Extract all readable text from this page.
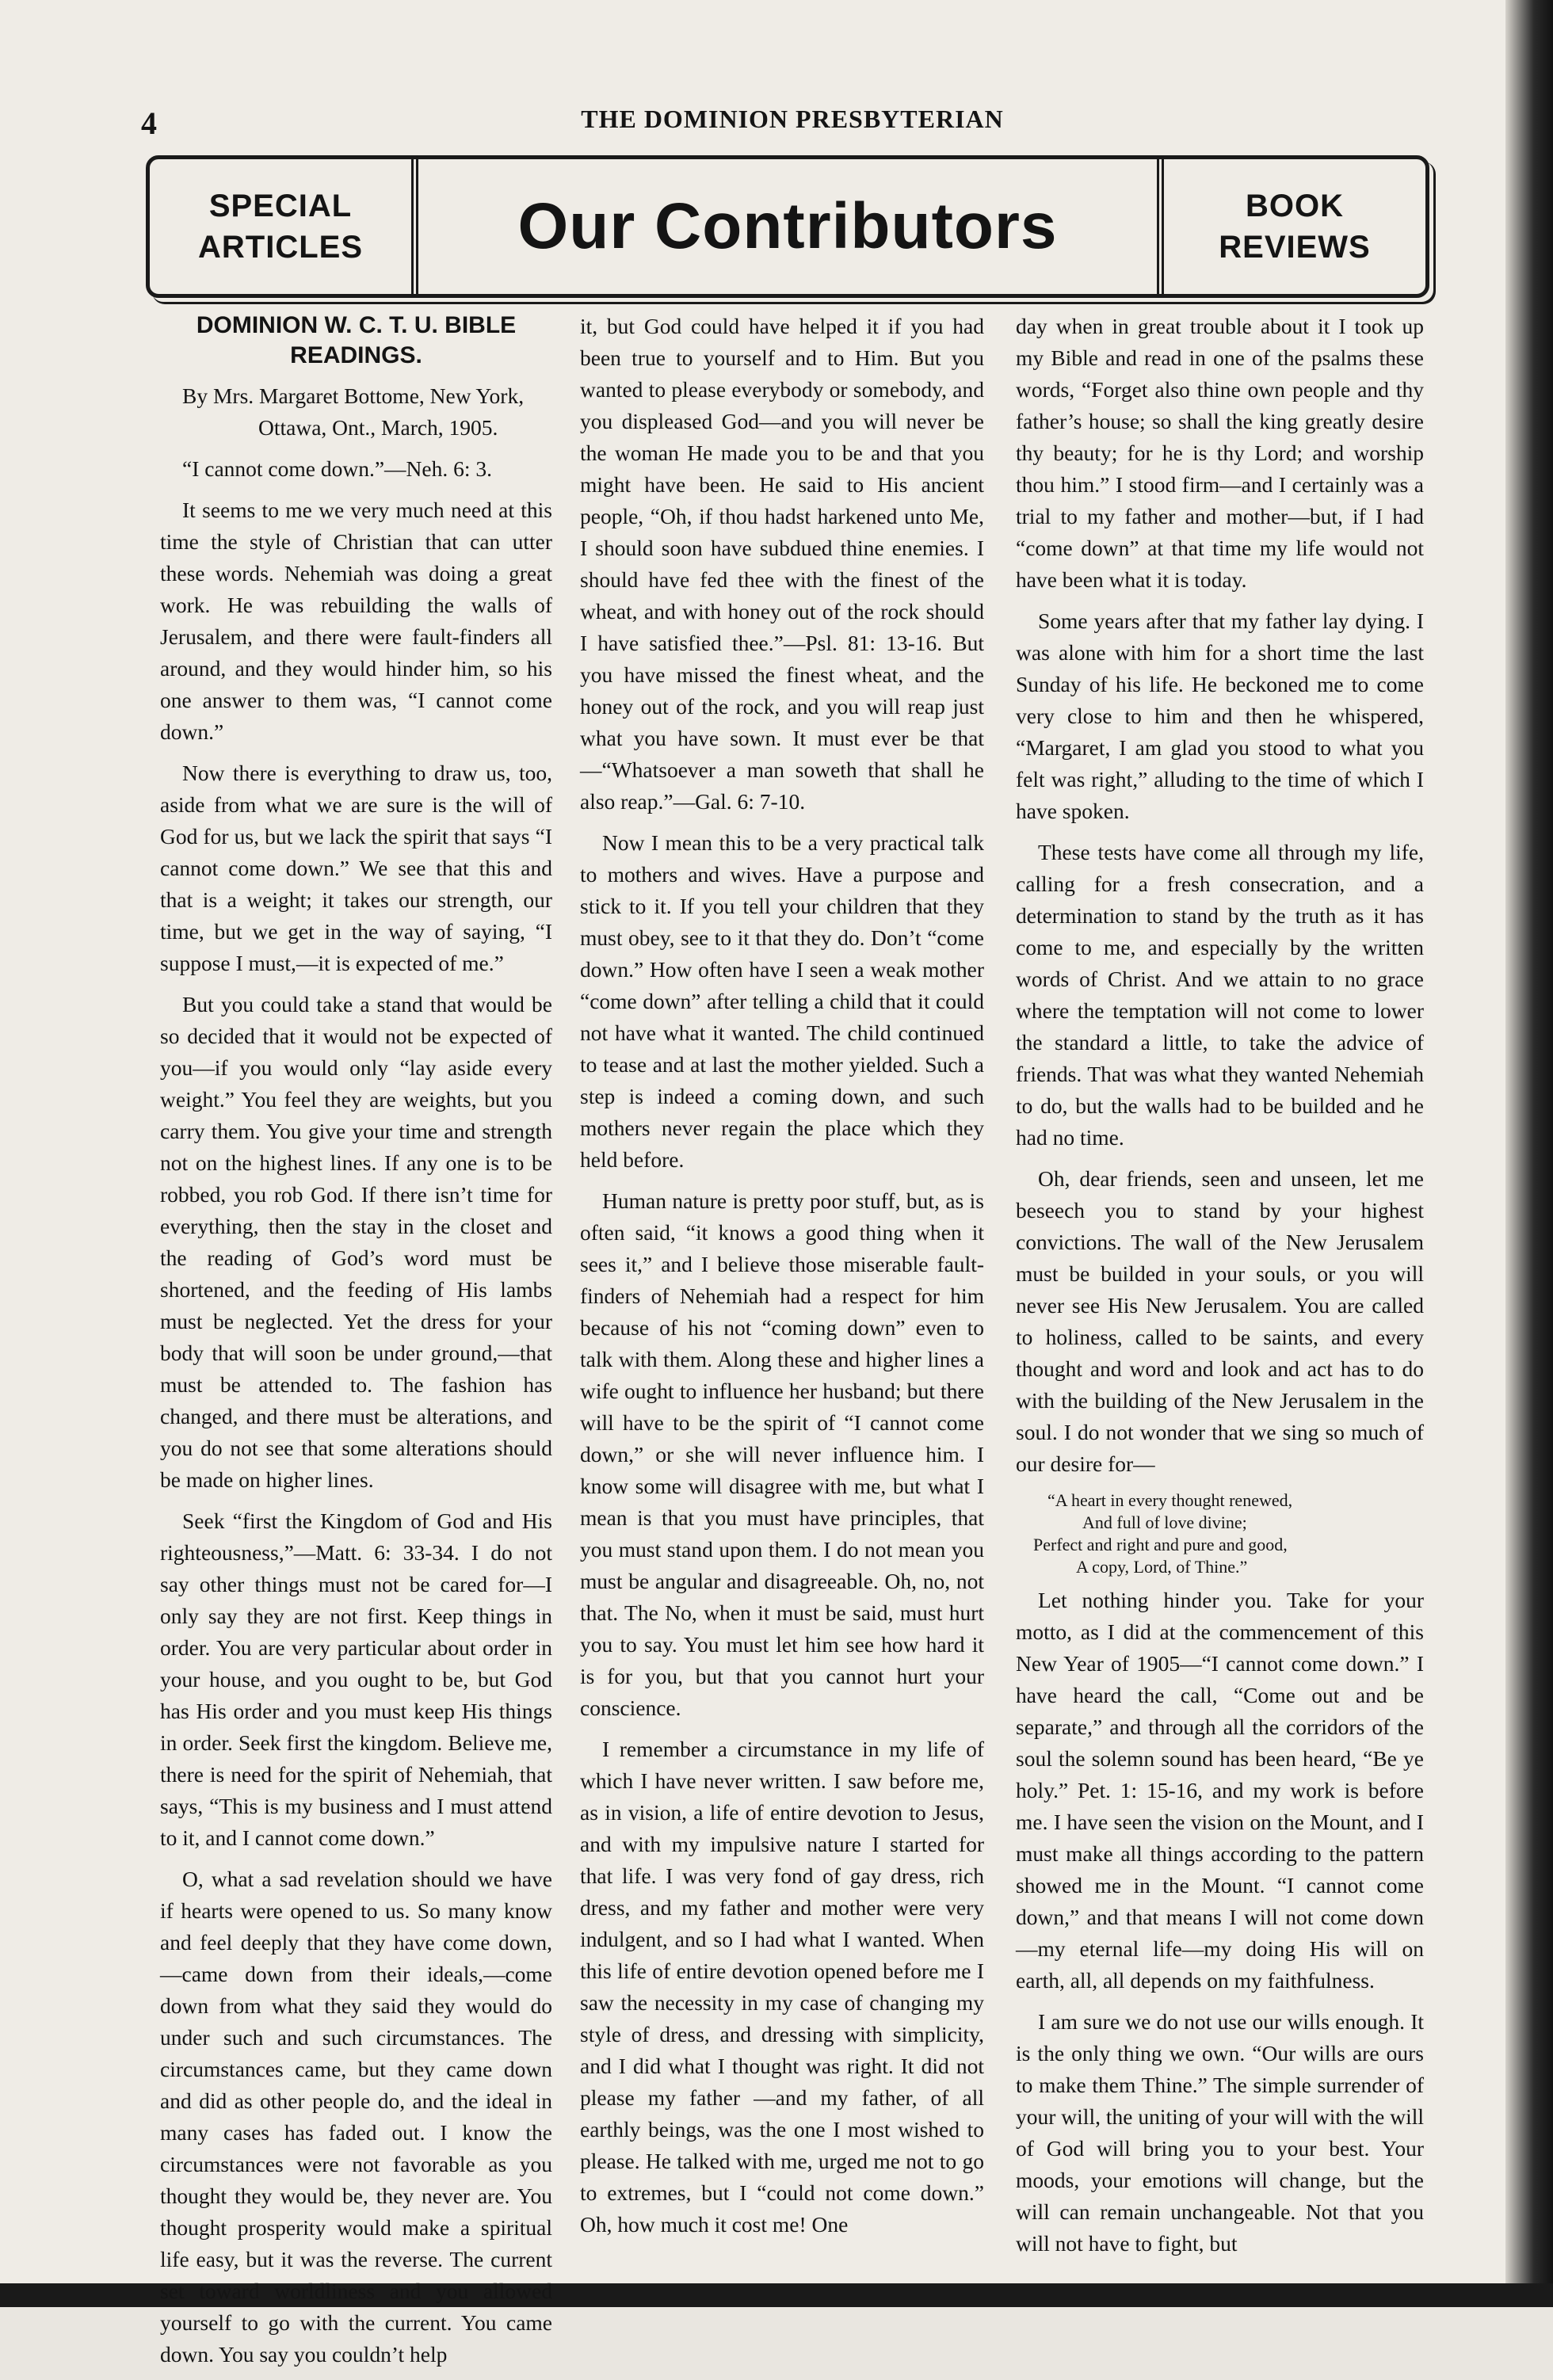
4	THE DOMINION PRESBYTERIAN
SPECIAL
ARTICLES	Our Contributors	BOOK
REVIEWS
DOMINION W. C. T. U. BIBLE READINGS.
By Mrs. Margaret Bottome, New York,
Ottawa, Ont., March, 1905.

“I cannot come down.”—Neh. 6: 3.

It seems to me we very much need at this time the style of Christian that can utter these words. Nehemiah was doing a great work. He was rebuilding the walls of Jerusalem, and there were fault-finders all around, and they would hinder him, so his one answer to them was, “I cannot come down.”

Now there is everything to draw us, too, aside from what we are sure is the will of God for us, but we lack the spirit that says “I cannot come down.” We see that this and that is a weight; it takes our strength, our time, but we get in the way of saying, “I suppose I must,—it is expected of me.”

But you could take a stand that would be so decided that it would not be expected of you—if you would only “lay aside every weight.” You feel they are weights, but you carry them. You give your time and strength not on the highest lines. If any one is to be robbed, you rob God. If there isn’t time for everything, then the stay in the closet and the reading of God’s word must be shortened, and the feeding of His lambs must be neglected. Yet the dress for your body that will soon be under ground,—that must be attended to. The fashion has changed, and there must be alterations, and you do not see that some alterations should be made on higher lines.

Seek “first the Kingdom of God and His righteousness,”—Matt. 6: 33-34. I do not say other things must not be cared for—I only say they are not first. Keep things in order. You are very particular about order in your house, and you ought to be, but God has His order and you must keep His things in order. Seek first the kingdom. Believe me, there is need for the spirit of Nehemiah, that says, “This is my business and I must attend to it, and I cannot come down.”

O, what a sad revelation should we have if hearts were opened to us. So many know and feel deeply that they have come down,—came down from their ideals,—come down from what they said they would do under such and such circumstances. The circumstances came, but they came down and did as other people do, and the ideal in many cases has faded out. I know the circumstances were not favorable as you thought they would be, they never are. You thought prosperity would make a spiritual life easy, but it was the reverse. The current set toward worldliness and you allowed yourself to go with the current. You came down. You say you couldn’t help

it, but God could have helped it if you had been true to yourself and to Him. But you wanted to please everybody or somebody, and you displeased God—and you will never be the woman He made you to be and that you might have been. He said to His ancient people, “Oh, if thou hadst harkened unto Me, I should soon have subdued thine enemies. I should have fed thee with the finest of the wheat, and with honey out of the rock should I have satisfied thee.”—Psl. 81: 13-16. But you have missed the finest wheat, and the honey out of the rock, and you will reap just what you have sown. It must ever be that—“Whatsoever a man soweth that shall he also reap.”—Gal. 6: 7-10.

Now I mean this to be a very practical talk to mothers and wives. Have a purpose and stick to it. If you tell your children that they must obey, see to it that they do. Don’t “come down.” How often have I seen a weak mother “come down” after telling a child that it could not have what it wanted. The child continued to tease and at last the mother yielded. Such a step is indeed a coming down, and such mothers never regain the place which they held before.

Human nature is pretty poor stuff, but, as is often said, “it knows a good thing when it sees it,” and I believe those miserable fault-finders of Nehemiah had a respect for him because of his not “coming down” even to talk with them. Along these and higher lines a wife ought to influence her husband; but there will have to be the spirit of “I cannot come down,” or she will never influence him. I know some will disagree with me, but what I mean is that you must have principles, that you must stand upon them. I do not mean you must be angular and disagreeable. Oh, no, not that. The No, when it must be said, must hurt you to say. You must let him see how hard it is for you, but that you cannot hurt your conscience.

I remember a circumstance in my life of which I have never written. I saw before me, as in vision, a life of entire devotion to Jesus, and with my impulsive nature I started for that life. I was very fond of gay dress, rich dress, and my father and mother were very indulgent, and so I had what I wanted. When this life of entire devotion opened before me I saw the necessity in my case of changing my style of dress, and dressing with simplicity, and I did what I thought was right. It did not please my father —and my father, of all earthly beings, was the one I most wished to please. He talked with me, urged me not to go to extremes, but I “could not come down.” Oh, how much it cost me! One

day when in great trouble about it I took up my Bible and read in one of the psalms these words, “Forget also thine own people and thy father’s house; so shall the king greatly desire thy beauty; for he is thy Lord; and worship thou him.” I stood firm—and I certainly was a trial to my father and mother—but, if I had “come down” at that time my life would not have been what it is today.

Some years after that my father lay dying. I was alone with him for a short time the last Sunday of his life. He beckoned me to come very close to him and then he whispered, “Margaret, I am glad you stood to what you felt was right,” alluding to the time of which I have spoken.

These tests have come all through my life, calling for a fresh consecration, and a determination to stand by the truth as it has come to me, and especially by the written words of Christ. And we attain to no grace where the temptation will not come to lower the standard a little, to take the advice of friends. That was what they wanted Nehemiah to do, but the walls had to be builded and he had no time.

Oh, dear friends, seen and unseen, let me beseech you to stand by your highest convictions. The wall of the New Jerusalem must be builded in your souls, or you will never see His New Jerusalem. You are called to holiness, called to be saints, and every thought and word and look and act has to do with the building of the New Jerusalem in the soul. I do not wonder that we sing so much of our desire for—

“A heart in every thought renewed,
And full of love divine;
Perfect and right and pure and good,
A copy, Lord, of Thine.”

Let nothing hinder you. Take for your motto, as I did at the commencement of this New Year of 1905—“I cannot come down.” I have heard the call, “Come out and be separate,” and through all the corridors of the soul the solemn sound has been heard, “Be ye holy.” Pet. 1: 15-16, and my work is before me. I have seen the vision on the Mount, and I must make all things according to the pattern showed me in the Mount. “I cannot come down,” and that means I will not come down—my eternal life—my doing His will on earth, all, all depends on my faithfulness.

I am sure we do not use our wills enough. It is the only thing we own. “Our wills are ours to make them Thine.” The simple surrender of your will, the uniting of your will with the will of God will bring you to your best. Your moods, your emotions will change, but the will can remain unchangeable. Not that you will not have to fight, but
